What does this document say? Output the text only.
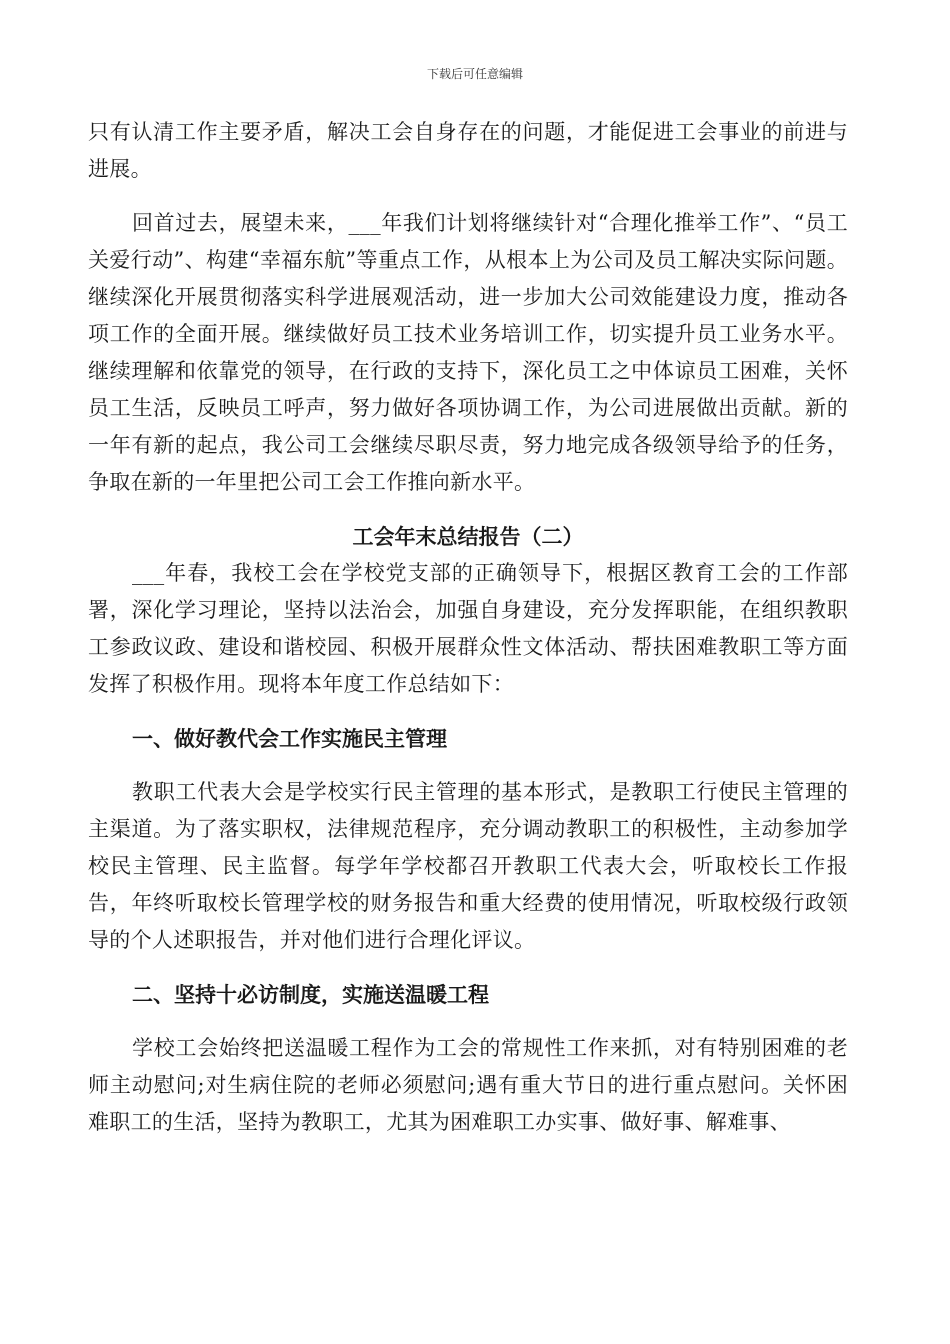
下载后可任意编辑

只有认清工作主要矛盾，解决工会自身存在的问题，才能促进工会事业的前进与进展。

回首过去，展望未来，___年我们计划将继续针对“合理化推举工作”、“员工关爱行动”、构建“幸福东航”等重点工作，从根本上为公司及员工解决实际问题。继续深化开展贯彻落实科学进展观活动，进一步加大公司效能建设力度，推动各项工作的全面开展。继续做好员工技术业务培训工作，切实提升员工业务水平。继续理解和依靠党的领导，在行政的支持下，深化员工之中体谅员工困难，关怀员工生活，反映员工呼声，努力做好各项协调工作，为公司进展做出贡献。新的一年有新的起点，我公司工会继续尽职尽责，努力地完成各级领导给予的任务，争取在新的一年里把公司工会工作推向新水平。

工会年末总结报告（二）

___年春，我校工会在学校党支部的正确领导下，根据区教育工会的工作部署，深化学习理论，坚持以法治会，加强自身建设，充分发挥职能，在组织教职工参政议政、建设和谐校园、积极开展群众性文体活动、帮扶困难教职工等方面发挥了积极作用。现将本年度工作总结如下：

一、做好教代会工作实施民主管理

教职工代表大会是学校实行民主管理的基本形式，是教职工行使民主管理的主渠道。为了落实职权，法律规范程序，充分调动教职工的积极性，主动参加学校民主管理、民主监督。每学年学校都召开教职工代表大会，听取校长工作报告，年终听取校长管理学校的财务报告和重大经费的使用情况，听取校级行政领导的个人述职报告，并对他们进行合理化评议。

二、坚持十必访制度，实施送温暖工程

学校工会始终把送温暖工程作为工会的常规性工作来抓，对有特别困难的老师主动慰问;对生病住院的老师必须慰问;遇有重大节日的进行重点慰问。关怀困难职工的生活，坚持为教职工，尤其为困难职工办实事、做好事、解难事、
